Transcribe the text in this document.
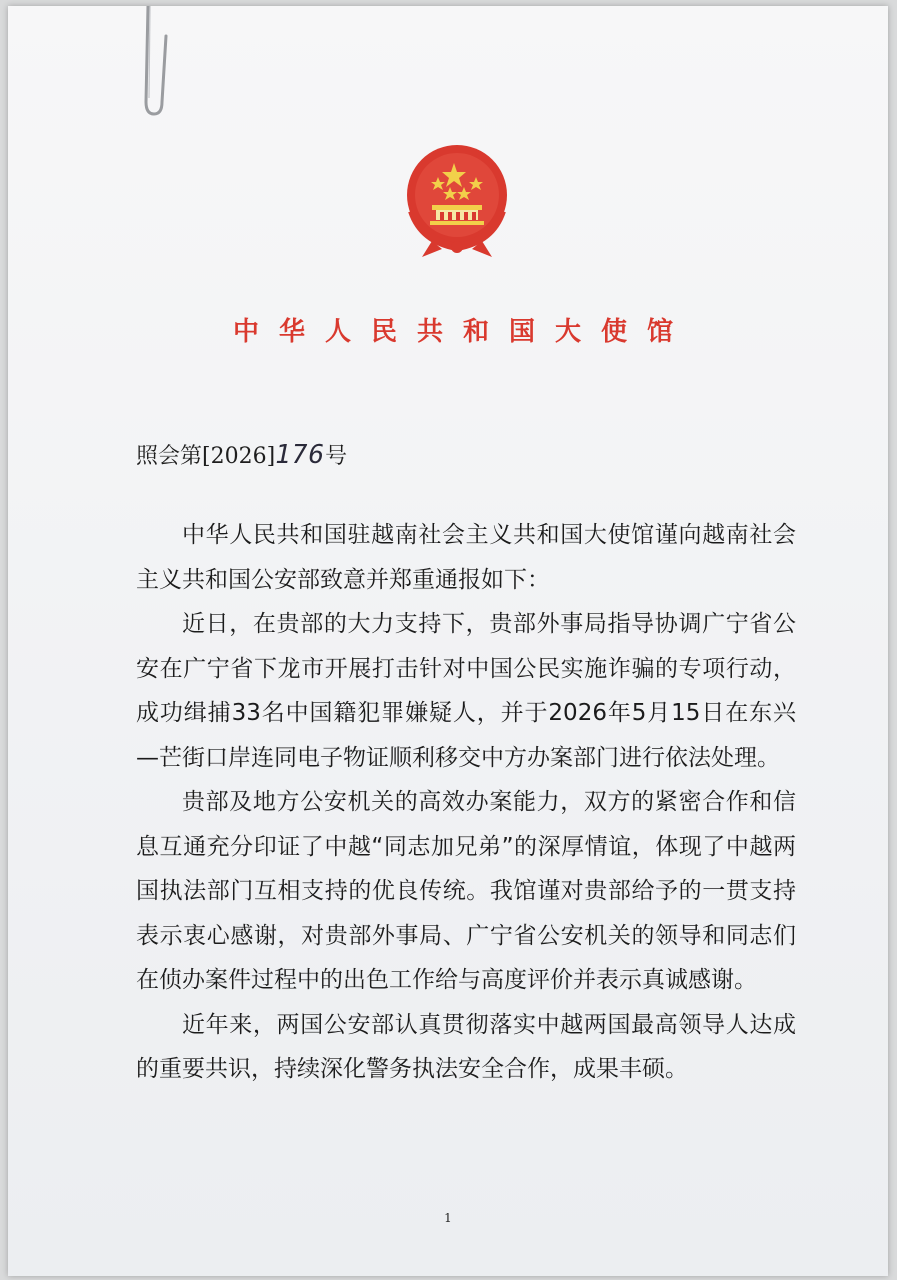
中华人民共和国大使馆
照会第[2026]176号

中华人民共和国驻越南社会主义共和国大使馆谨向越南社会主义共和国公安部致意并郑重通报如下：

近日，在贵部的大力支持下，贵部外事局指导协调广宁省公安在广宁省下龙市开展打击针对中国公民实施诈骗的专项行动，成功缉捕33名中国籍犯罪嫌疑人，并于2026年5月15日在东兴—芒街口岸连同电子物证顺利移交中方办案部门进行依法处理。

贵部及地方公安机关的高效办案能力，双方的紧密合作和信息互通充分印证了中越“同志加兄弟”的深厚情谊，体现了中越两国执法部门互相支持的优良传统。我馆谨对贵部给予的一贯支持表示衷心感谢，对贵部外事局、广宁省公安机关的领导和同志们在侦办案件过程中的出色工作给与高度评价并表示真诚感谢。

近年来，两国公安部认真贯彻落实中越两国最高领导人达成的重要共识，持续深化警务执法安全合作，成果丰硕。

1
